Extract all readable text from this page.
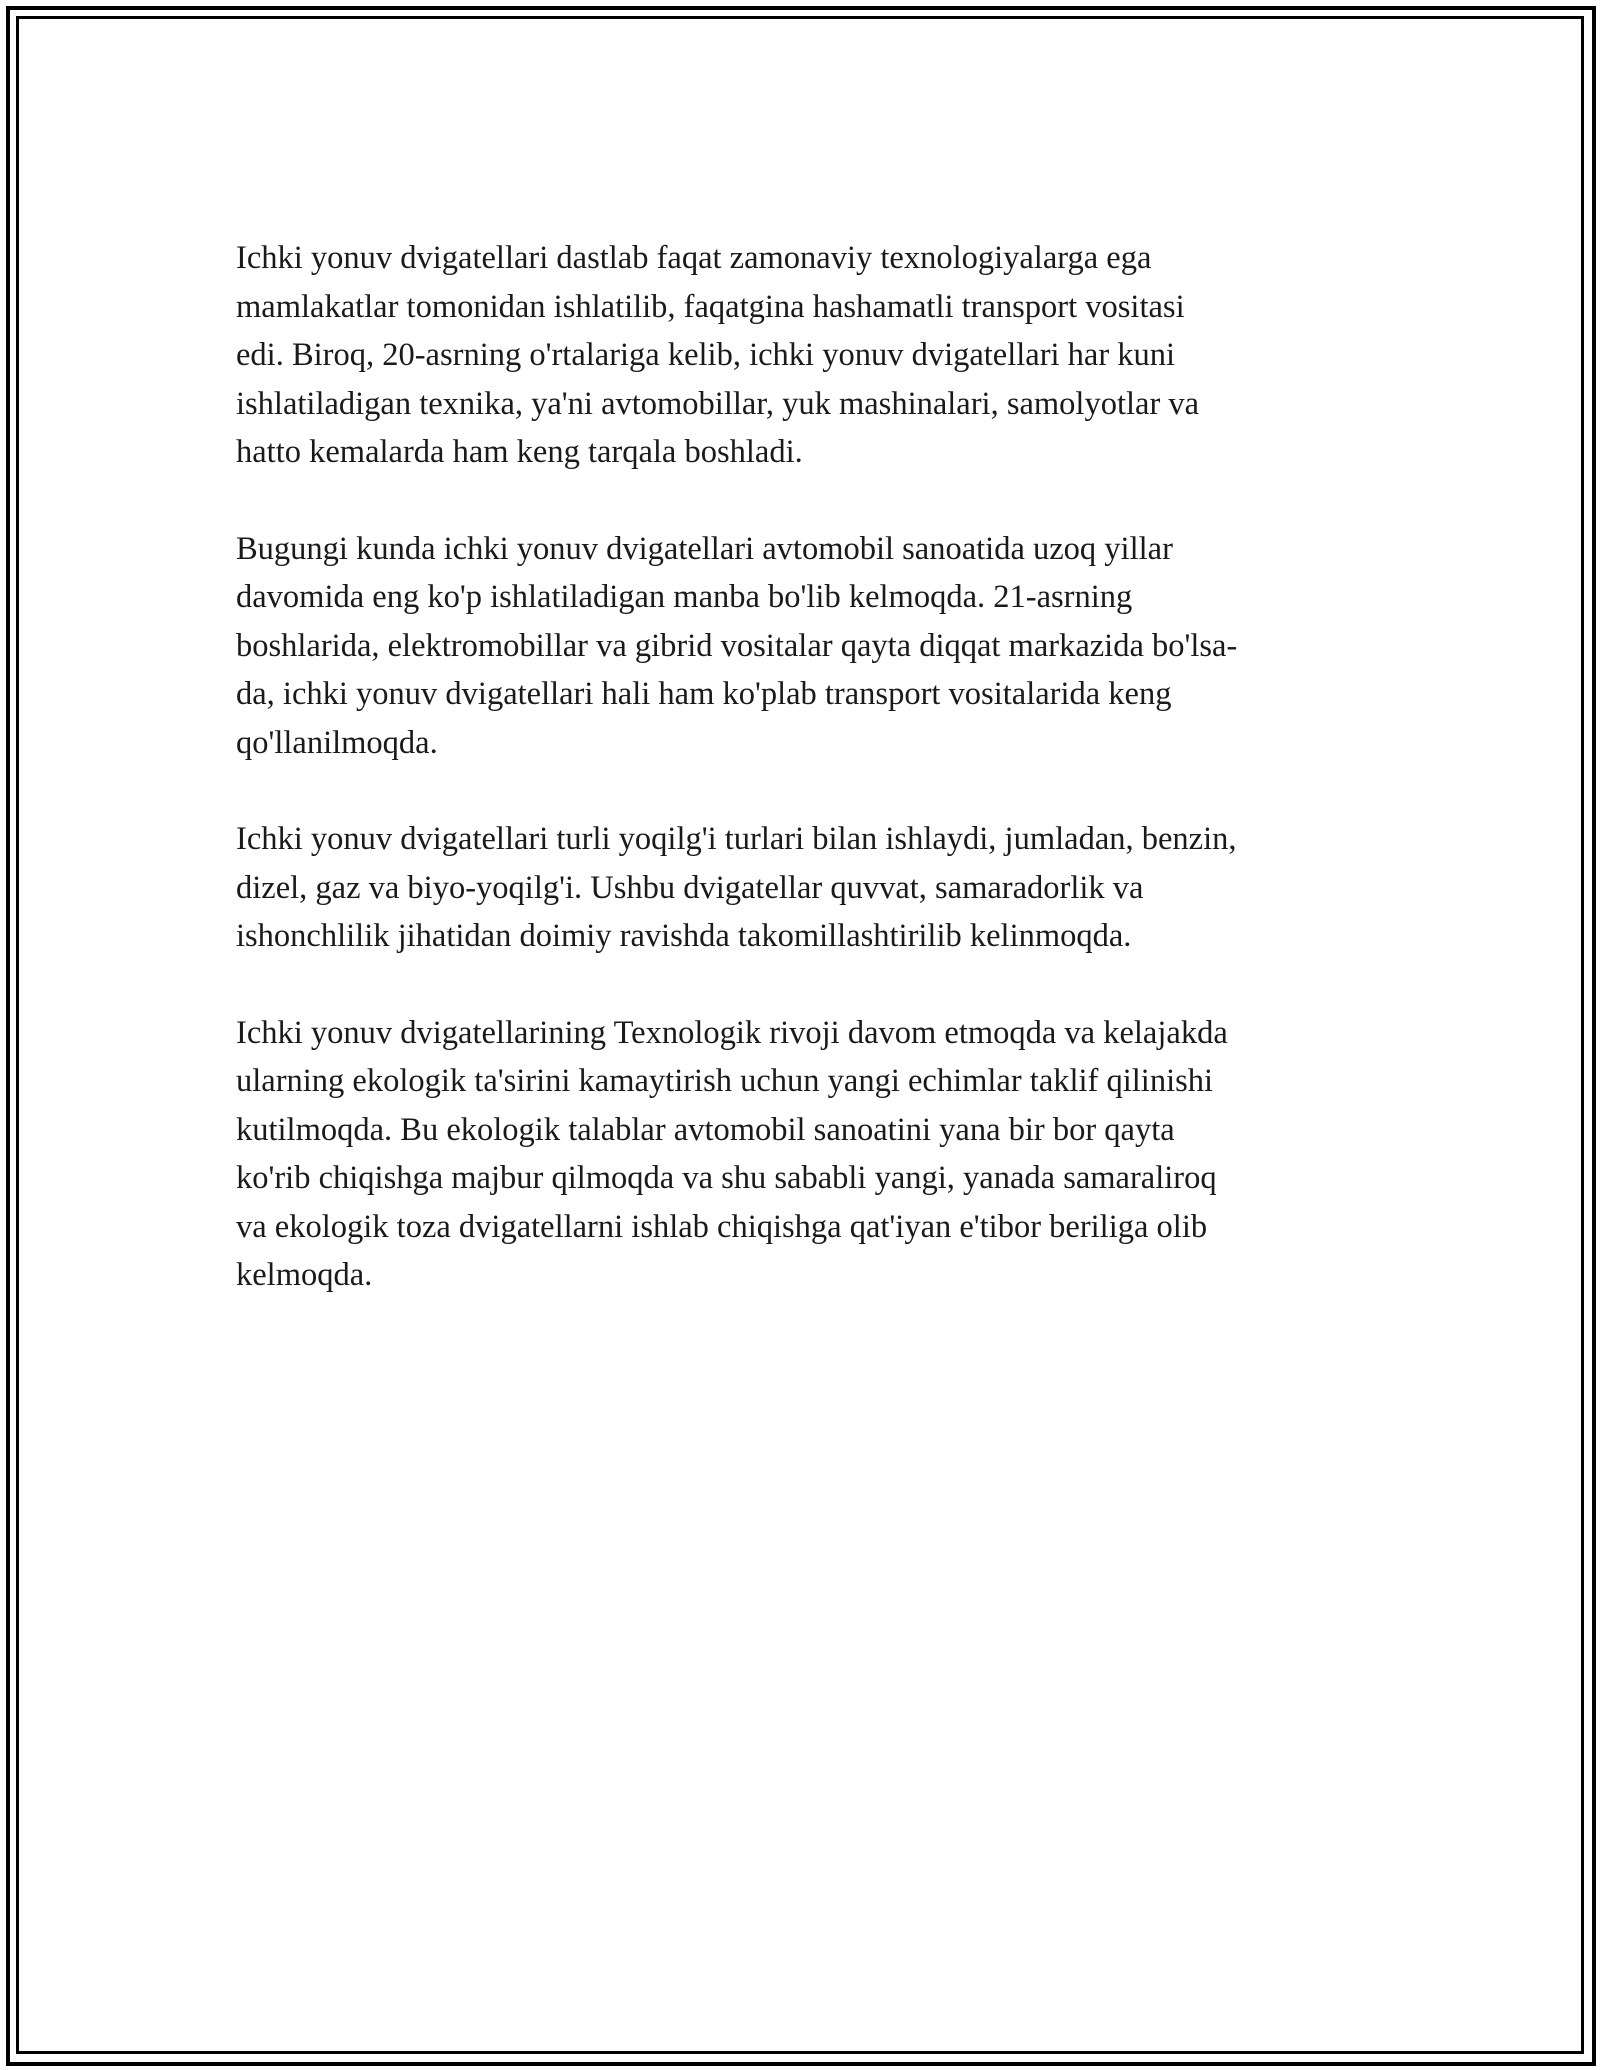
Ichki yonuv dvigatellari dastlab faqat zamonaviy texnologiyalarga ega
mamlakatlar tomonidan ishlatilib, faqatgina hashamatli transport vositasi
edi. Biroq, 20-asrning o'rtalariga kelib, ichki yonuv dvigatellari har kuni
ishlatiladigan texnika, ya'ni avtomobillar, yuk mashinalari, samolyotlar va
hatto kemalarda ham keng tarqala boshladi.

Bugungi kunda ichki yonuv dvigatellari avtomobil sanoatida uzoq yillar
davomida eng ko'p ishlatiladigan manba bo'lib kelmoqda. 21-asrning
boshlarida, elektromobillar va gibrid vositalar qayta diqqat markazida bo'lsa-
da, ichki yonuv dvigatellari hali ham ko'plab transport vositalarida keng
qo'llanilmoqda.

Ichki yonuv dvigatellari turli yoqilg'i turlari bilan ishlaydi, jumladan, benzin,
dizel, gaz va biyo-yoqilg'i. Ushbu dvigatellar quvvat, samaradorlik va
ishonchlilik jihatidan doimiy ravishda takomillashtirilib kelinmoqda.

Ichki yonuv dvigatellarining Texnologik rivoji davom etmoqda va kelajakda
ularning ekologik ta'sirini kamaytirish uchun yangi echimlar taklif qilinishi
kutilmoqda. Bu ekologik talablar avtomobil sanoatini yana bir bor qayta
ko'rib chiqishga majbur qilmoqda va shu sababli yangi, yanada samaraliroq
va ekologik toza dvigatellarni ishlab chiqishga qat'iyan e'tibor beriliga olib
kelmoqda.
